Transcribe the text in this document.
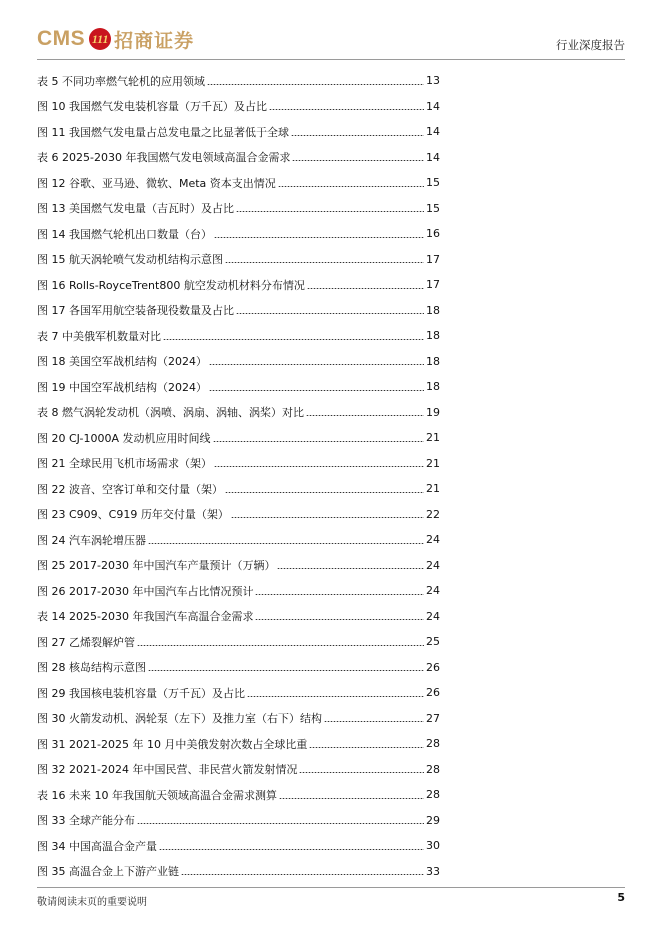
CMS 111 招商证券	行业深度报告
表 5 不同功率燃气轮机的应用领域	13
图 10 我国燃气发电装机容量（万千瓦）及占比	14
图 11 我国燃气发电量占总发电量之比显著低于全球	14
表 6 2025-2030 年我国燃气发电领域高温合金需求	14
图 12 谷歌、亚马逊、微软、Meta 资本支出情况	15
图 13 美国燃气发电量（吉瓦时）及占比	15
图 14 我国燃气轮机出口数量（台）	16
图 15 航天涡轮喷气发动机结构示意图	17
图 16 Rolls-RoyceTrent800 航空发动机材料分布情况	17
图 17 各国军用航空装备现役数量及占比	18
表 7 中美俄军机数量对比	18
图 18 美国空军战机结构（2024）	18
图 19 中国空军战机结构（2024）	18
表 8 燃气涡轮发动机（涡喷、涡扇、涡轴、涡桨）对比	19
图 20 CJ-1000A 发动机应用时间线	21
图 21 全球民用飞机市场需求（架）	21
图 22 波音、空客订单和交付量（架）	21
图 23 C909、C919 历年交付量（架）	22
图 24 汽车涡轮增压器	24
图 25 2017-2030 年中国汽车产量预计（万辆）	24
图 26 2017-2030 年中国汽车占比情况预计	24
表 14 2025-2030 年我国汽车高温合金需求	24
图 27 乙烯裂解炉管	25
图 28 核岛结构示意图	26
图 29 我国核电装机容量（万千瓦）及占比	26
图 30 火箭发动机、涡轮泵（左下）及推力室（右下）结构	27
图 31 2021-2025 年 10 月中美俄发射次数占全球比重	28
图 32 2021-2024 年中国民营、非民营火箭发射情况	28
表 16 未来 10 年我国航天领域高温合金需求测算	28
图 33 全球产能分布	29
图 34 中国高温合金产量	30
图 35 高温合金上下游产业链	33
敬请阅读末页的重要说明	5
